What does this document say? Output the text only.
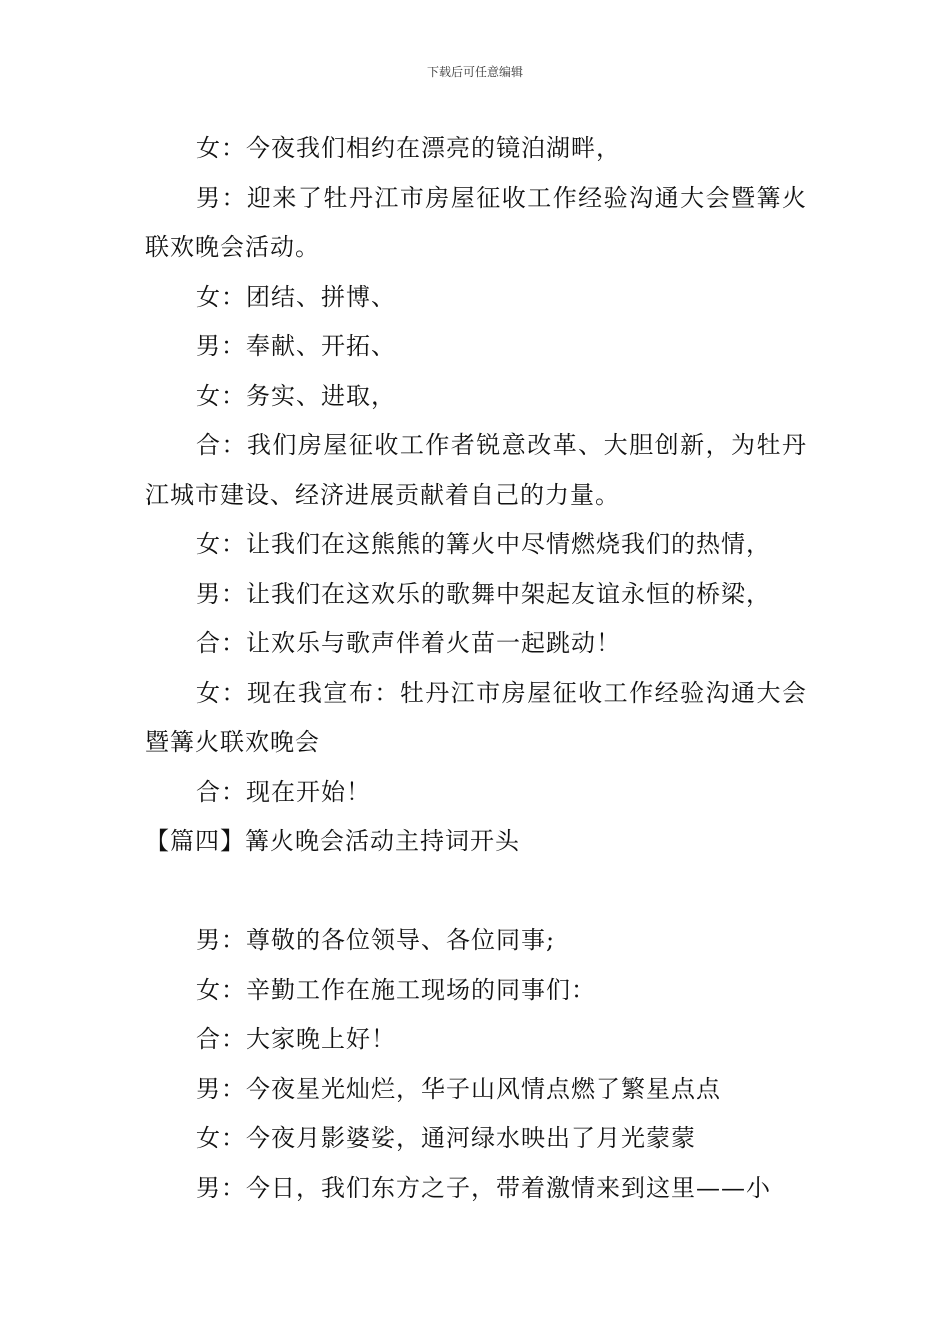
下载后可任意编辑

女：今夜我们相约在漂亮的镜泊湖畔，

男：迎来了牡丹江市房屋征收工作经验沟通大会暨篝火联欢晚会活动。

女：团结、拼博、

男：奉献、开拓、

女：务实、进取，

合：我们房屋征收工作者锐意改革、大胆创新，为牡丹江城市建设、经济进展贡献着自己的力量。

女：让我们在这熊熊的篝火中尽情燃烧我们的热情，

男：让我们在这欢乐的歌舞中架起友谊永恒的桥梁，

合：让欢乐与歌声伴着火苗一起跳动！

女：现在我宣布：牡丹江市房屋征收工作经验沟通大会暨篝火联欢晚会

合：现在开始！

【篇四】篝火晚会活动主持词开头

男：尊敬的各位领导、各位同事;

女：辛勤工作在施工现场的同事们：

合：大家晚上好！

男：今夜星光灿烂，华子山风情点燃了繁星点点

女：今夜月影婆娑，通河绿水映出了月光蒙蒙

男：今日，我们东方之子，带着激情来到这里——小
